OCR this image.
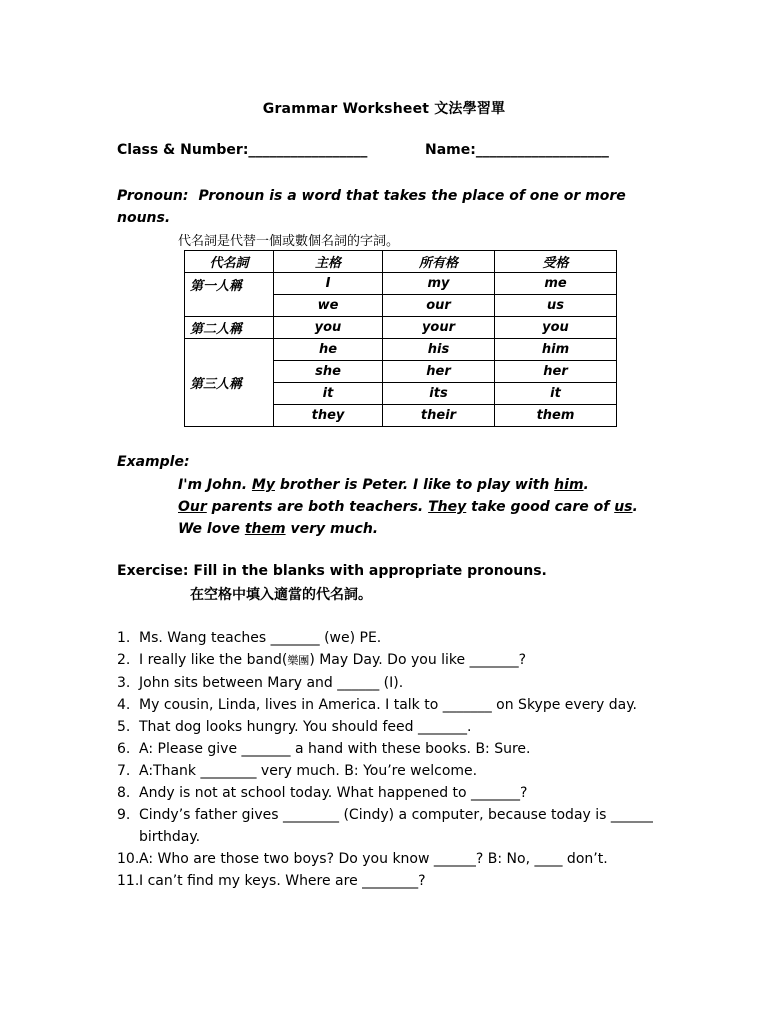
Grammar Worksheet 文法學習單
Class & Number:_________________	Name:___________________
Pronoun: Pronoun is a word that takes the place of one or more nouns.
代名詞是代替一個或數個名詞的字詞。
代名詞	主格	所有格	受格
第一人稱	I	my	me
	we	our	us
第二人稱	you	your	you
第三人稱	he	his	him
	she	her	her
	it	its	it
	they	their	them
Example:
I'm John. My brother is Peter. I like to play with him.
Our parents are both teachers. They take good care of us.
We love them very much.
Exercise: Fill in the blanks with appropriate pronouns.
在空格中填入適當的代名詞。
1. Ms. Wang teaches _______ (we) PE.
2. I really like the band(樂團) May Day. Do you like _______?
3. John sits between Mary and ______ (I).
4. My cousin, Linda, lives in America. I talk to _______ on Skype every day.
5. That dog looks hungry. You should feed _______.
6. A: Please give _______ a hand with these books. B: Sure.
7. A:Thank ________ very much. B: You’re welcome.
8. Andy is not at school today. What happened to _______?
9. Cindy’s father gives ________ (Cindy) a computer, because today is ______ birthday.
10. A: Who are those two boys? Do you know ______? B: No, ____ don’t.
11. I can’t find my keys. Where are ________?
